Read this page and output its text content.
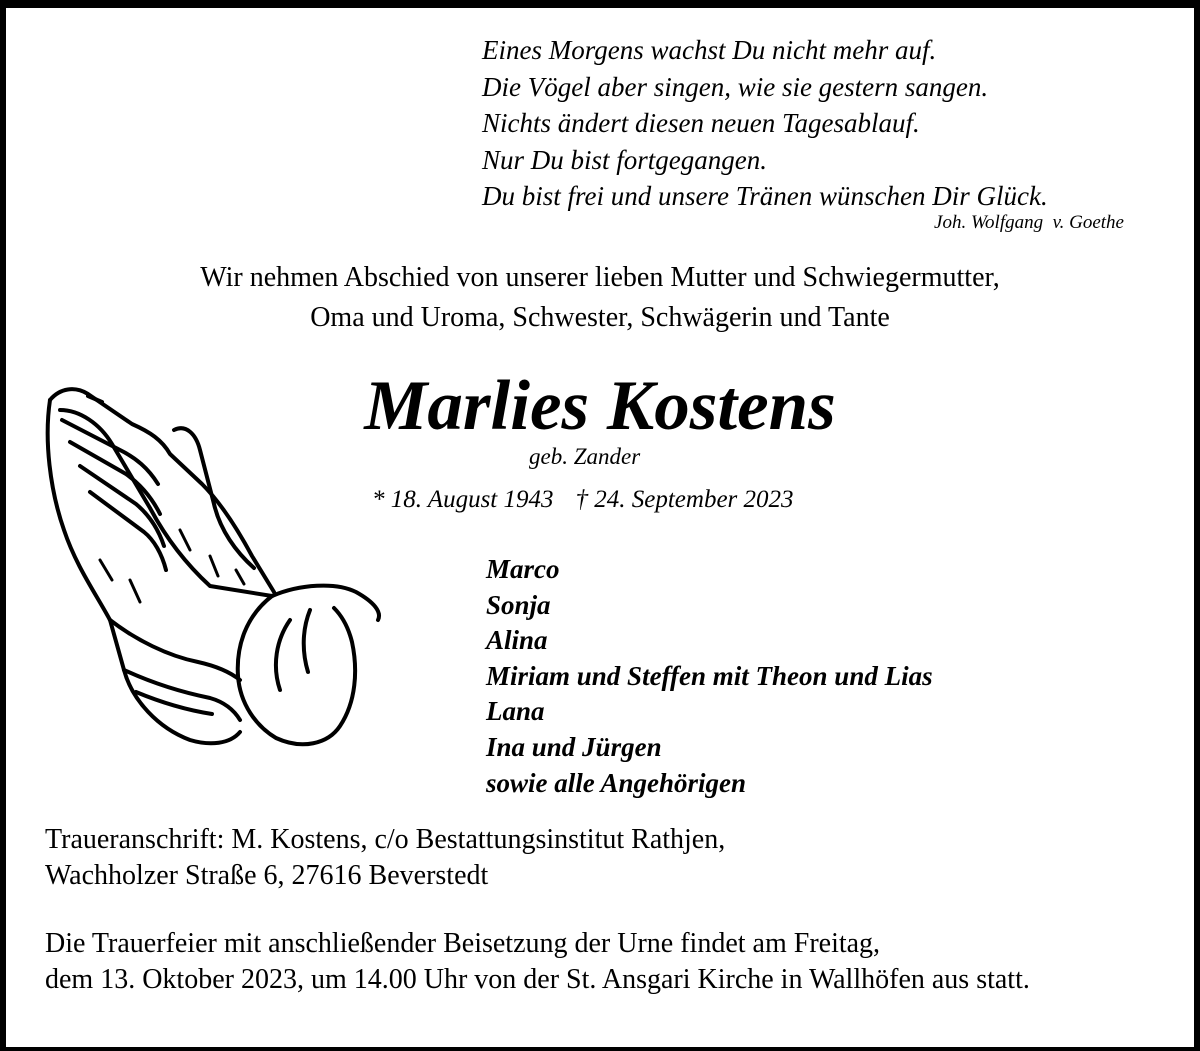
Eines Morgens wachst Du nicht mehr auf.
Die Vögel aber singen, wie sie gestern sangen.
Nichts ändert diesen neuen Tagesablauf.
Nur Du bist fortgegangen.
Du bist frei und unsere Tränen wünschen Dir Glück.
Joh. Wolfgang  v. Goethe
Wir nehmen Abschied von unserer lieben Mutter und Schwiegermutter,
Oma und Uroma, Schwester, Schwägerin und Tante
Marlies Kostens
geb. Zander
* 18. August 1943 † 24. September 2023
Marco
Sonja
Alina
Miriam und Steffen mit Theon und Lias
Lana
Ina und Jürgen
sowie alle Angehörigen
Traueranschrift: M. Kostens, c/o Bestattungsinstitut Rathjen,
Wachholzer Straße 6, 27616 Beverstedt
Die Trauerfeier mit anschließender Beisetzung der Urne findet am Freitag,
dem 13. Oktober 2023, um 14.00 Uhr von der St. Ansgari Kirche in Wallhöfen aus statt.
